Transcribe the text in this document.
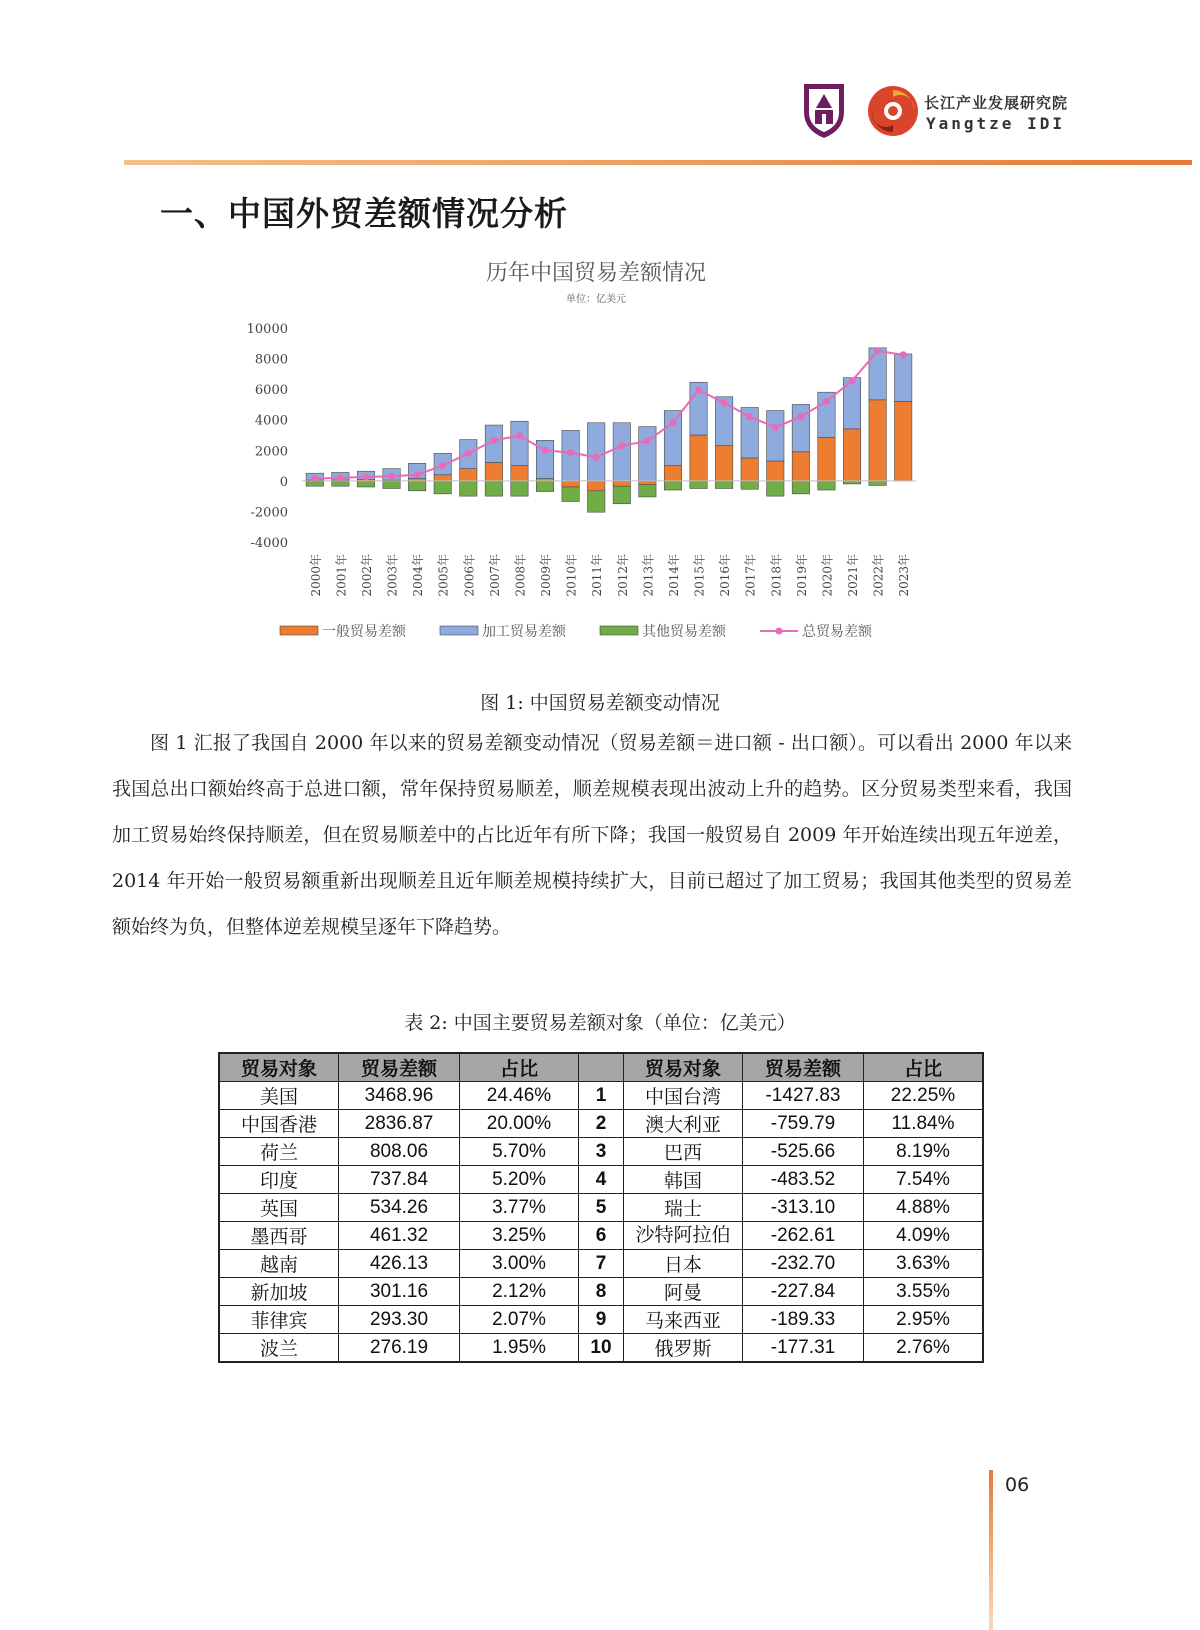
长江产业发展研究院
Yangtze IDI
一、中国外贸差额情况分析
历年中国贸易差额情况
单位：亿美元
10000
8000
6000
4000
2000
0
-2000
-4000
2000年 2001年 2002年 2003年 2004年 2005年 2006年 2007年 2008年 2009年 2010年 2011年 2012年 2013年 2014年 2015年 2016年 2017年 2018年 2019年 2020年 2021年 2022年 2023年
一般贸易差额	加工贸易差额	其他贸易差额	总贸易差额
图 1: 中国贸易差额变动情况

图 1 汇报了我国自 2000 年以来的贸易差额变动情况（贸易差额＝进口额 - 出口额）。可以看出 2000 年以来我国总出口额始终高于总进口额，常年保持贸易顺差，顺差规模表现出波动上升的趋势。区分贸易类型来看，我国加工贸易始终保持顺差，但在贸易顺差中的占比近年有所下降；我国一般贸易自 2009 年开始连续出现五年逆差，2014 年开始一般贸易额重新出现顺差且近年顺差规模持续扩大，目前已超过了加工贸易；我国其他类型的贸易差额始终为负，但整体逆差规模呈逐年下降趋势。

表 2: 中国主要贸易差额对象（单位：亿美元）
贸易对象	贸易差额	占比		贸易对象	贸易差额	占比
美国	3468.96	24.46%	1	中国台湾	-1427.83	22.25%
中国香港	2836.87	20.00%	2	澳大利亚	-759.79	11.84%
荷兰	808.06	5.70%	3	巴西	-525.66	8.19%
印度	737.84	5.20%	4	韩国	-483.52	7.54%
英国	534.26	3.77%	5	瑞士	-313.10	4.88%
墨西哥	461.32	3.25%	6	沙特阿拉伯	-262.61	4.09%
越南	426.13	3.00%	7	日本	-232.70	3.63%
新加坡	301.16	2.12%	8	阿曼	-227.84	3.55%
菲律宾	293.30	2.07%	9	马来西亚	-189.33	2.95%
波兰	276.19	1.95%	10	俄罗斯	-177.31	2.76%
06
